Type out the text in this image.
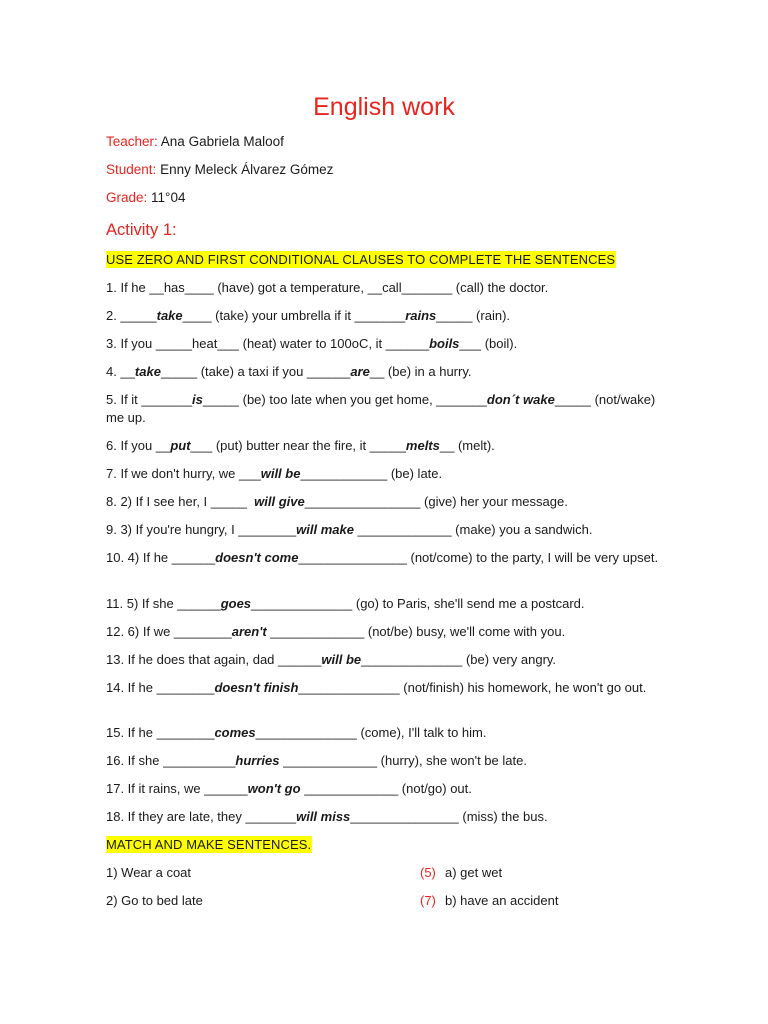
English work
Teacher: Ana Gabriela Maloof
Student: Enny Meleck Álvarez Gómez
Grade: 11°04
Activity 1:
USE ZERO AND FIRST CONDITIONAL CLAUSES TO COMPLETE THE SENTENCES
1. If he __has____ (have) got a temperature, __call_______ (call) the doctor.
2. _____take____ (take) your umbrella if it _______rains_____ (rain).
3. If you _____heat___ (heat) water to 100oC, it ______boils___ (boil).
4. __take_____ (take) a taxi if you ______are__ (be) in a hurry.
5. If it _______is_____ (be) too late when you get home, _______don´t wake_____ (not/wake) me up.
6. If you __put___ (put) butter near the fire, it _____melts__ (melt).
7. If we don't hurry, we ___will be____________ (be) late.
8. 2) If I see her, I _____  will give________________ (give) her your message.
9. 3) If you're hungry, I ________will make _____________ (make) you a sandwich.
10. 4) If he ______doesn't come_______________ (not/come) to the party, I will be very upset.
11. 5) If she ______goes______________ (go) to Paris, she'll send me a postcard.
12. 6) If we ________aren't _____________ (not/be) busy, we'll come with you.
13. If he does that again, dad ______will be______________ (be) very angry.
14. If he ________doesn't finish______________ (not/finish) his homework, he won't go out.
15. If he ________comes______________ (come), I'll talk to him.
16. If she __________hurries _____________ (hurry), she won't be late.
17. If it rains, we ______won't go _____________ (not/go) out.
18. If they are late, they _______will miss_______________ (miss) the bus.
MATCH AND MAKE SENTENCES.
1) Wear a coat	(5) a) get wet
2) Go to bed late	(7) b) have an accident
